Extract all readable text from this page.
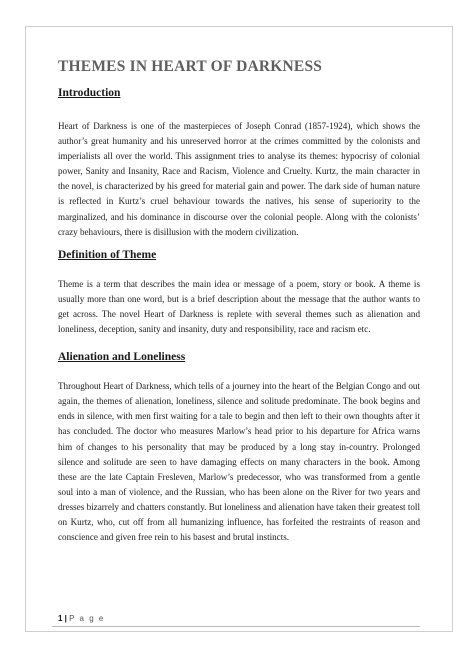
THEMES IN HEART OF DARKNESS
Introduction

Heart of Darkness is one of the masterpieces of Joseph Conrad (1857-1924), which shows the author’s great humanity and his unreserved horror at the crimes committed by the colonists and imperialists all over the world. This assignment tries to analyse its themes: hypocrisy of colonial power, Sanity and Insanity, Race and Racism, Violence and Cruelty. Kurtz, the main character in the novel, is characterized by his greed for material gain and power. The dark side of human nature is reflected in Kurtz’s cruel behaviour towards the natives, his sense of superiority to the marginalized, and his dominance in discourse over the colonial people. Along with the colonists’ crazy behaviours, there is disillusion with the modern civilization.

Definition of Theme

Theme is a term that describes the main idea or message of a poem, story or book. A theme is usually more than one word, but is a brief description about the message that the author wants to get across. The novel Heart of Darkness is replete with several themes such as alienation and loneliness, deception, sanity and insanity, duty and responsibility, race and racism etc.

Alienation and Loneliness

Throughout Heart of Darkness, which tells of a journey into the heart of the Belgian Congo and out again, the themes of alienation, loneliness, silence and solitude predominate. The book begins and ends in silence, with men first waiting for a tale to begin and then left to their own thoughts after it has concluded. The doctor who measures Marlow’s head prior to his departure for Africa warns him of changes to his personality that may be produced by a long stay in-country. Prolonged silence and solitude are seen to have damaging effects on many characters in the book. Among these are the late Captain Fresleven, Marlow’s predecessor, who was transformed from a gentle soul into a man of violence, and the Russian, who has been alone on the River for two years and dresses bizarrely and chatters constantly. But loneliness and alienation have taken their greatest toll on Kurtz, who, cut off from all humanizing influence, has forfeited the restraints of reason and conscience and given free rein to his basest and brutal instincts.

1 | P a g e
